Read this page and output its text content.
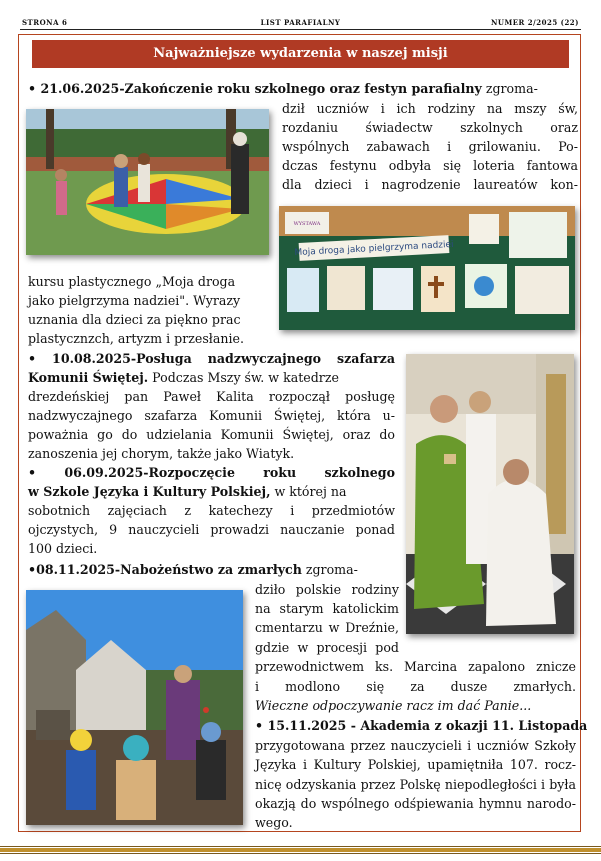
STRONA 6	LIST PARAFIALNY	NUMER 2/2025 (22)
Najważniejsze wydarzenia w naszej misji

• 21.06.2025-Zakończenie roku szkolnego oraz festyn parafialny zgroma-

dził uczniów i ich rodziny na mszy św,

rozdaniu świadectw szkolnych oraz

wspólnych zabawach i grilowaniu. Po-

dczas festynu odbyła się loteria fantowa

dla dzieci i nagrodzenie laureatów kon-

kursu plastycznego „Moja droga

jako pielgrzyma nadziei". Wyrazy

uznania dla dzieci za piękno prac

plastycznzch, artyzm i przesłanie.

WYSTAWA
Moja droga jako pielgrzyma nadziei

• 10.08.2025-Posługa nadzwyczajnego szafarza

Komunii Świętej. Podczas Mszy św. w katedrze

drezdeńskiej pan Paweł Kalita rozpoczął posługę

nadzwyczajnego szafarza Komunii Świętej, która u-

poważnia go do udzielania Komunii Świętej, oraz do

zanoszenia jej chorym, także jako Wiatyk.

• 06.09.2025-Rozpoczęcie roku szkolnego

w Szkole Języka i Kultury Polskiej, w której na

sobotnich zajęciach z katechezy i przedmiotów

ojczystych, 9 nauczycieli prowadzi nauczanie ponad

100 dzieci.

•08.11.2025-Nabożeństwo za zmarłych zgroma-

dziło polskie rodziny

na starym katolickim

cmentarzu w Dreźnie,

gdzie w procesji pod

przewodnictwem ks. Marcina zapalono znicze

i modlono się za dusze zmarłych.

Wieczne odpoczywanie racz im dać Panie...

• 15.11.2025 - Akademia z okazji 11. Listopada

przygotowana przez nauczycieli i uczniów Szkoły

Języka i Kultury Polskiej, upamiętniła 107. rocz-

nicę odzyskania przez Polskę niepodległości i była

okazją do wspólnego odśpiewania hymnu narodo-

wego.
